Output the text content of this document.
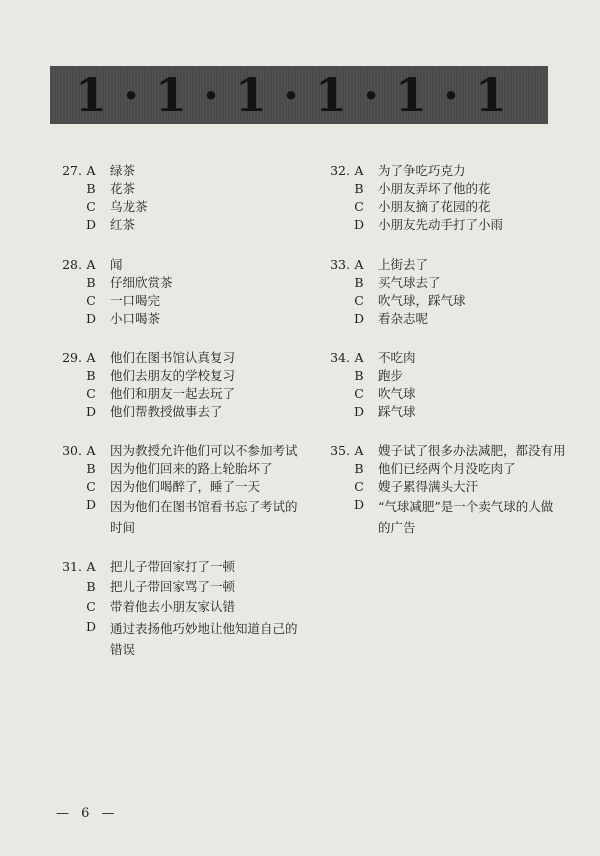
1·1·1·1·1·1
27 . A	绿茶
B	花茶
C	乌龙茶
D	红茶
28 . A	闻
B	仔细欣赏茶
C	一口喝完
D	小口喝茶
29 . A	他们在图书馆认真复习
B	他们去朋友的学校复习
C	他们和朋友一起去玩了
D	他们帮教授做事去了
30 . A	因为教授允许他们可以不参加考试
B	因为他们回来的路上轮胎坏了
C	因为他们喝醉了，睡了一天
D	因为他们在图书馆看书忘了考试的时间
31 . A	把儿子带回家打了一顿
B	把儿子带回家骂了一顿
C	带着他去小朋友家认错
D	通过表扬他巧妙地让他知道自己的错误
32 . A	为了争吃巧克力
B	小朋友弄坏了他的花
C	小朋友摘了花园的花
D	小朋友先动手打了小雨
33 . A	上街去了
B	买气球去了
C	吹气球，踩气球
D	看杂志呢
34 . A	不吃肉
B	跑步
C	吹气球
D	踩气球
35 . A	嫂子试了很多办法减肥，都没有用
B	他们已经两个月没吃肉了
C	嫂子累得满头大汗
D	“气球减肥”是一个卖气球的人做的广告
— 6 —
